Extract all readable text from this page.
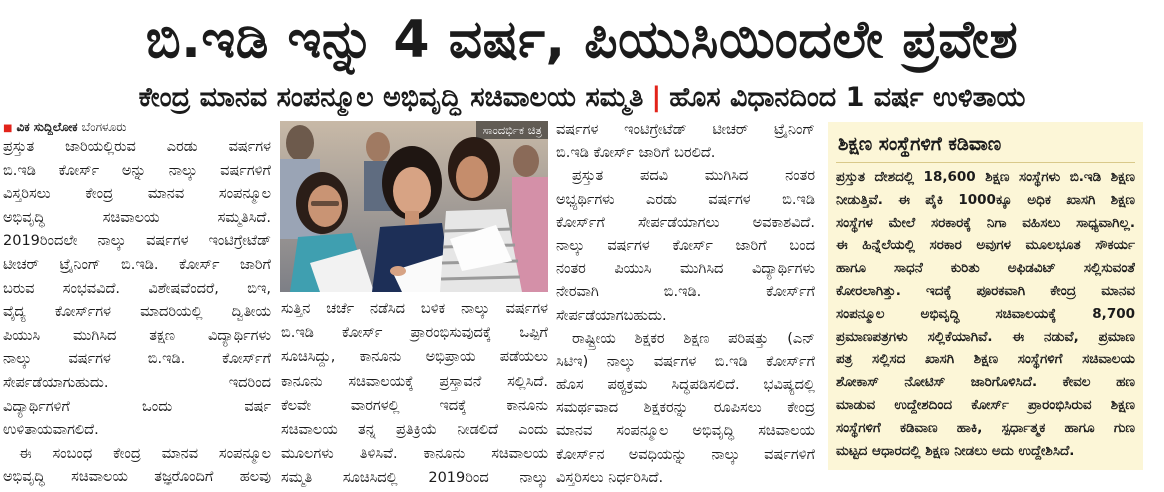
ಬಿ.ಇಡಿ ಇನ್ನು 4 ವರ್ಷ, ಪಿಯುಸಿಯಿಂದಲೇ ಪ್ರವೇಶ
ಕೇಂದ್ರ ಮಾನವ ಸಂಪನ್ಮೂಲ ಅಭಿವೃದ್ಧಿ ಸಚಿವಾಲಯ ಸಮ್ಮತಿ | ಹೊಸ ವಿಧಾನದಿಂದ 1 ವರ್ಷ ಉಳಿತಾಯ
■ ವಿಕ ಸುದ್ದಿಲೋಕ ಬೆಂಗಳೂರು
ಪ್ರಸ್ತುತ ಜಾರಿಯಲ್ಲಿರುವ ಎರಡು ವರ್ಷಗಳ
ಬಿ.ಇಡಿ ಕೋರ್ಸ್ ಅನ್ನು ನಾಲ್ಕು ವರ್ಷಗಳಿಗೆ
ವಿಸ್ತರಿಸಲು ಕೇಂದ್ರ ಮಾನವ ಸಂಪನ್ಮೂಲ
ಅಭಿವೃದ್ಧಿ ಸಚಿವಾಲಯ ಸಮ್ಮತಿಸಿದೆ.
2019ರಿಂದಲೇ ನಾಲ್ಕು ವರ್ಷಗಳ ಇಂಟಿಗ್ರೇಟೆಡ್
ಟೀಚರ್ ಟ್ರೈನಿಂಗ್ ಬಿ.ಇಡಿ. ಕೋರ್ಸ್ ಜಾರಿಗೆ
ಬರುವ ಸಂಭವವಿದೆ. ವಿಶೇಷವೆಂದರೆ, ಬಿಇ,
ವೈದ್ಯ ಕೋರ್ಸ್‌ಗಳ ಮಾದರಿಯಲ್ಲಿ ದ್ವಿತೀಯ
ಪಿಯುಸಿ ಮುಗಿಸಿದ ತಕ್ಷಣ ವಿದ್ಯಾರ್ಥಿಗಳು
ನಾಲ್ಕು ವರ್ಷಗಳ ಬಿ.ಇಡಿ. ಕೋರ್ಸ್‌ಗೆ
ಸೇರ್ಪಡೆಯಾಗುಹುದು. ಇದರಿಂದ
ವಿದ್ಯಾರ್ಥಿಗಳಿಗೆ ಒಂದು ವರ್ಷ
ಉಳಿತಾಯವಾಗಲಿದೆ.
ಈ ಸಂಬಂಧ ಕೇಂದ್ರ ಮಾನವ ಸಂಪನ್ಮೂಲ
ಅಭಿವೃದ್ಧಿ ಸಚಿವಾಲಯ ತಜ್ಞರೊಂದಿಗೆ ಹಲವು
ಸಾಂದರ್ಭಿಕ ಚಿತ್ರ
ಸುತ್ತಿನ ಚರ್ಚೆ ನಡೆಸಿದ ಬಳಿಕ ನಾಲ್ಕು ವರ್ಷಗಳ
ಬಿ.ಇಡಿ ಕೋರ್ಸ್ ಪ್ರಾರಂಭಿಸುವುದಕ್ಕೆ ಒಪ್ಪಿಗೆ
ಸೂಚಿಸಿದ್ದು, ಕಾನೂನು ಅಭಿಪ್ರಾಯ ಪಡೆಯಲು
ಕಾನೂನು ಸಚಿವಾಲಯಕ್ಕೆ ಪ್ರಸ್ತಾವನೆ ಸಲ್ಲಿಸಿದೆ.
ಕೆಲವೇ ವಾರಗಳಲ್ಲಿ ಇದಕ್ಕೆ ಕಾನೂನು
ಸಚಿವಾಲಯ ತನ್ನ ಪ್ರತಿಕ್ರಿಯೆ ನೀಡಲಿದೆ ಎಂದು
ಮೂಲಗಳು ತಿಳಿಸಿವೆ. ಕಾನೂನು ಸಚಿವಾಲಯ
ಸಮ್ಮತಿ ಸೂಚಿಸಿದಲ್ಲಿ 2019ರಿಂದ ನಾಲ್ಕು
ವರ್ಷಗಳ ಇಂಟಿಗ್ರೇಟೆಡ್ ಟೀಚರ್ ಟ್ರೈನಿಂಗ್
ಬಿ.ಇಡಿ ಕೋರ್ಸ್ ಜಾರಿಗೆ ಬರಲಿದೆ.
ಪ್ರಸ್ತುತ ಪದವಿ ಮುಗಿಸಿದ ನಂತರ
ಅಭ್ಯರ್ಥಿಗಳು ಎರಡು ವರ್ಷಗಳ ಬಿ.ಇಡಿ
ಕೋರ್ಸ್‌ಗೆ ಸೇರ್ಪಡೆಯಾಗಲು ಅವಕಾಶವಿದೆ.
ನಾಲ್ಕು ವರ್ಷಗಳ ಕೋರ್ಸ್ ಜಾರಿಗೆ ಬಂದ
ನಂತರ ಪಿಯುಸಿ ಮುಗಿಸಿದ ವಿದ್ಯಾರ್ಥಿಗಳು
ನೇರವಾಗಿ ಬಿ.ಇಡಿ. ಕೋರ್ಸ್‌ಗೆ
ಸೇರ್ಪಡೆಯಾಗಬಹುದು.
ರಾಷ್ಟ್ರೀಯ ಶಿಕ್ಷಕರ ಶಿಕ್ಷಣ ಪರಿಷತ್ತು (ಎನ್
ಸಿಟಿಇ) ನಾಲ್ಕು ವರ್ಷಗಳ ಬಿ.ಇಡಿ ಕೋರ್ಸ್‌ಗೆ
ಹೊಸ ಪಠ್ಯಕ್ರಮ ಸಿದ್ಧಪಡಿಸಲಿದೆ. ಭವಿಷ್ಯದಲ್ಲಿ
ಸಮರ್ಥವಾದ ಶಿಕ್ಷಕರನ್ನು ರೂಪಿಸಲು ಕೇಂದ್ರ
ಮಾನವ ಸಂಪನ್ಮೂಲ ಅಭಿವೃದ್ಧಿ ಸಚಿವಾಲಯ
ಕೋರ್ಸ್‌ನ ಅವಧಿಯನ್ನು ನಾಲ್ಕು ವರ್ಷಗಳಿಗೆ
ವಿಸ್ತರಿಸಲು ನಿರ್ಧರಿಸಿದೆ.
ಶಿಕ್ಷಣ ಸಂಸ್ಥೆಗಳಿಗೆ ಕಡಿವಾಣ
ಪ್ರಸ್ತುತ ದೇಶದಲ್ಲಿ 18,600 ಶಿಕ್ಷಣ ಸಂಸ್ಥೆಗಳು ಬಿ.ಇಡಿ ಶಿಕ್ಷಣ
ನೀಡುತ್ತಿವೆ. ಈ ಪೈಕಿ 1000ಕ್ಕೂ ಅಧಿಕ ಖಾಸಗಿ ಶಿಕ್ಷಣ
ಸಂಸ್ಥೆಗಳ ಮೇಲೆ ಸರಕಾರಕ್ಕೆ ನಿಗಾ ವಹಿಸಲು ಸಾಧ್ಯವಾಗಿಲ್ಲ.
ಈ ಹಿನ್ನೆಲೆಯಲ್ಲಿ ಸರಕಾರ ಅವುಗಳ ಮೂಲಭೂತ ಸೌಕರ್ಯ
ಹಾಗೂ ಸಾಧನೆ ಕುರಿತು ಅಫಿಡವಿಟ್ ಸಲ್ಲಿಸುವಂತೆ
ಕೋರಲಾಗಿತ್ತು. ಇದಕ್ಕೆ ಪೂರಕವಾಗಿ ಕೇಂದ್ರ ಮಾನವ
ಸಂಪನ್ಮೂಲ ಅಭಿವೃದ್ಧಿ ಸಚಿವಾಲಯಕ್ಕೆ 8,700
ಪ್ರಮಾಣಪತ್ರಗಳು ಸಲ್ಲಿಕೆಯಾಗಿವೆ. ಈ ನಡುವೆ, ಪ್ರಮಾಣ
ಪತ್ರ ಸಲ್ಲಿಸದ ಖಾಸಗಿ ಶಿಕ್ಷಣ ಸಂಸ್ಥೆಗಳಿಗೆ ಸಚಿವಾಲಯ
ಶೋಕಾಸ್ ನೋಟಿಸ್ ಜಾರಿಗೊಳಿಸಿದೆ. ಕೇವಲ ಹಣ
ಮಾಡುವ ಉದ್ದೇಶದಿಂದ ಕೋರ್ಸ್ ಪ್ರಾರಂಭಿಸಿರುವ ಶಿಕ್ಷಣ
ಸಂಸ್ಥೆಗಳಿಗೆ ಕಡಿವಾಣ ಹಾಕಿ, ಸ್ಪರ್ಧಾತ್ಮಕ ಹಾಗೂ ಗುಣ
ಮಟ್ಟದ ಆಧಾರದಲ್ಲಿ ಶಿಕ್ಷಣ ನೀಡಲು ಅದು ಉದ್ದೇಶಿಸಿದೆ.
